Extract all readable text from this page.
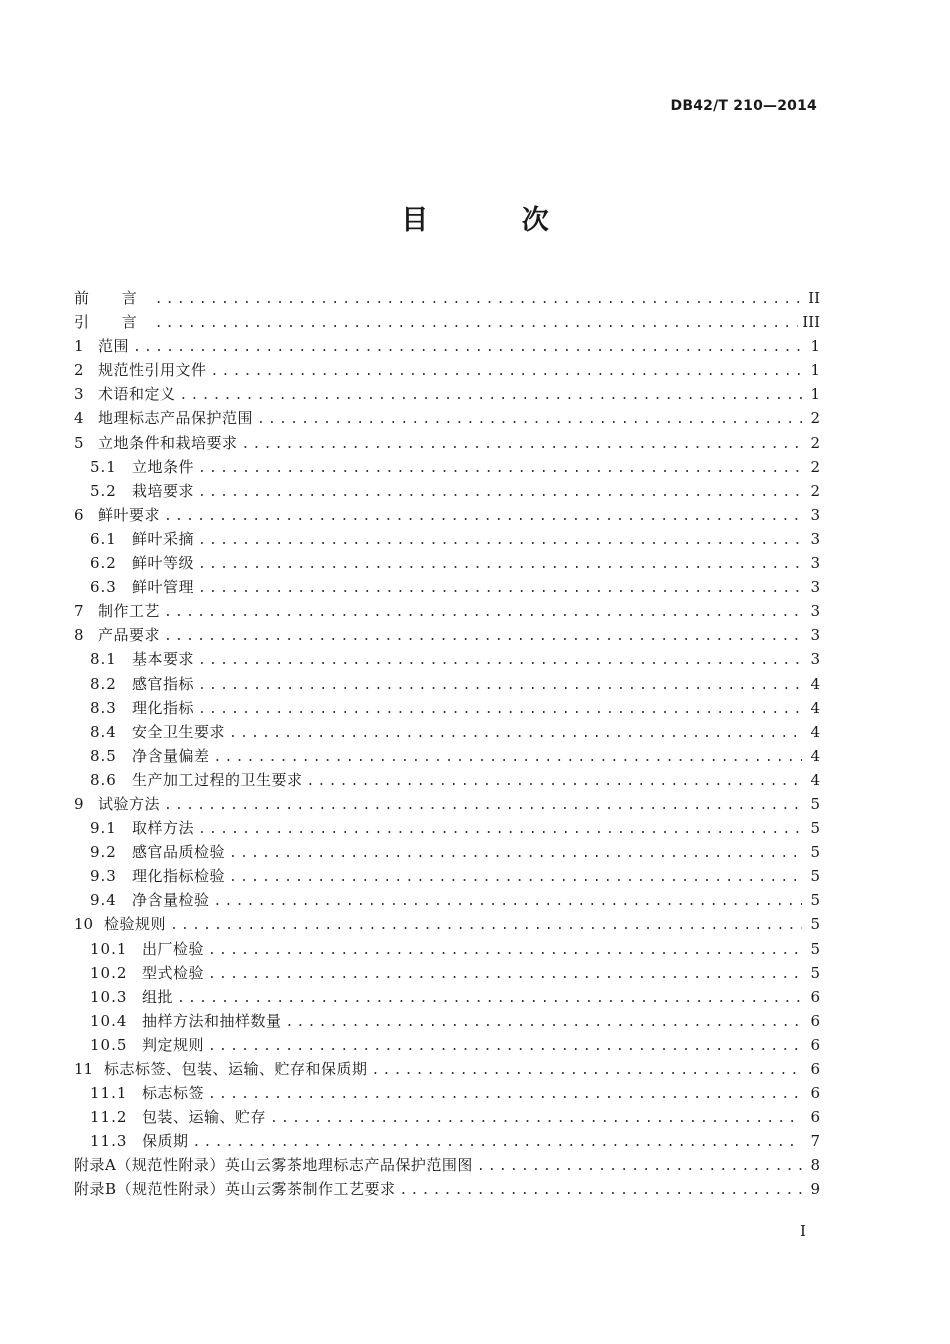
DB42/T 210—2014
目 次
前 言 .....	II
引 言 .....	III
1 范围 .....	1
2 规范性引用文件 .....	1
3 术语和定义 .....	1
4 地理标志产品保护范围 .....	2
5 立地条件和栽培要求 .....	2
5.1	立地条件 .....	2
5.2	栽培要求 .....	2
6 鲜叶要求 .....	3
6.1	鲜叶采摘 .....	3
6.2	鲜叶等级 .....	3
6.3	鲜叶管理 .....	3
7 制作工艺 .....	3
8 产品要求 .....	3
8.1	基本要求 .....	3
8.2	感官指标 .....	4
8.3	理化指标 .....	4
8.4	安全卫生要求 .....	4
8.5	净含量偏差 .....	4
8.6	生产加工过程的卫生要求 .....	4
9 试验方法 .....	5
9.1	取样方法 .....	5
9.2	感官品质检验 .....	5
9.3	理化指标检验 .....	5
9.4	净含量检验 .....	5
10 检验规则 .....	5
10.1 出厂检验 .....	5
10.2 型式检验 .....	5
10.3 组批 .....	6
10.4 抽样方法和抽样数量 .....	6
10.5 判定规则 .....	6
11 标志标签、包装、运输、贮存和保质期 .....	6
11.1 标志标签 .....	6
11.2 包装、运输、贮存 .....	6
11.3 保质期 .....	7
附录A（规范性附录）英山云雾茶地理标志产品保护范围图 .....	8
附录B（规范性附录）英山云雾茶制作工艺要求 .....	9
I
